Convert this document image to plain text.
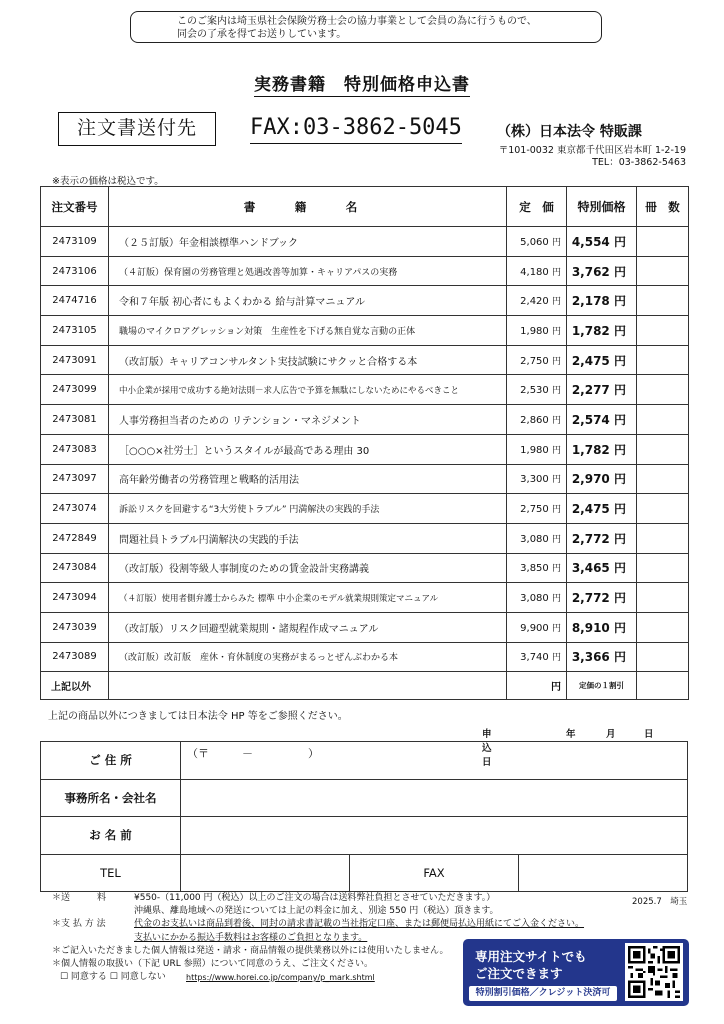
このご案内は埼玉県社会保険労務士会の協力事業として会員の為に行うもので、
同会の了承を得てお送りしています。
実務書籍　特別価格申込書
注文書送付先	FAX:03-3862-5045	（株）日本法令 特販課
〒101-0032 東京都千代田区岩本町 1-2-19
TEL：03-3862-5463
※表示の価格は税込です。
注文番号	書　籍　名	定　価	特別価格	冊　数
2473109	（２５訂版）年金相談標準ハンドブック	5,060 円	4,554 円	
2473106	（４訂版）保育園の労務管理と処遇改善等加算・キャリアパスの実務	4,180 円	3,762 円	
2474716	令和７年版 初心者にもよくわかる 給与計算マニュアル	2,420 円	2,178 円	
2473105	職場のマイクロアグレッション対策　生産性を下げる無自覚な言動の正体	1,980 円	1,782 円	
2473091	（改訂版）キャリアコンサルタント実技試験にサクッと合格する本	2,750 円	2,475 円	
2473099	中小企業が採用で成功する絶対法則－求人広告で予算を無駄にしないためにやるべきこと	2,530 円	2,277 円	
2473081	人事労務担当者のための リテンション・マネジメント	2,860 円	2,574 円	
2473083	［○○○×社労士］というスタイルが最高である理由 30	1,980 円	1,782 円	
2473097	高年齢労働者の労務管理と戦略的活用法	3,300 円	2,970 円	
2473074	訴訟リスクを回避する“3大労使トラブル” 円満解決の実践的手法	2,750 円	2,475 円	
2472849	問題社員トラブル円満解決の実践的手法	3,080 円	2,772 円	
2473084	（改訂版）役割等級人事制度のための賃金設計実務講義	3,850 円	3,465 円	
2473094	（４訂版）使用者側弁護士からみた 標準 中小企業のモデル就業規則策定マニュアル	3,080 円	2,772 円	
2473039	（改訂版）リスク回避型就業規則・諸規程作成マニュアル	9,900 円	8,910 円	
2473089	（改訂版）改訂版　産休・育休制度の実務がまるっとぜんぶわかる本	3,740 円	3,366 円	
上記以外		円	定価の１割引	
上記の商品以外につきましては日本法令 HP 等をご参照ください。
申込日
年	月	日
ご 住 所	（〒　　　－　　　　　）		
事務所名・会社名			
お 名 前			
TEL		FAX	
＊送　　　料	¥550-（11,000 円（税込）以上のご注文の場合は送料弊社負担とさせていただきます。）
沖縄県、離島地域への発送については上記の料金に加え、別途 550 円（税込）頂きます。
＊支 払 方 法	代金のお支払いは商品到着後、同封の請求書記載の当社指定口座、または郵便局払込用紙にてご入金ください。
支払いにかかる振込手数料はお客様のご負担となります。
＊ご記入いただきました個人情報は発送・請求・商品情報の提供業務以外には使用いたしません。
＊個人情報の取扱い（下記 URL 参照）について同意のうえ、ご注文ください。
☐ 同意する ☐ 同意しない	https://www.horei.co.jp/company/p_mark.shtml
2025.7　埼玉
専用注文サイトでも
ご注文できます
特別割引価格／クレジット決済可
